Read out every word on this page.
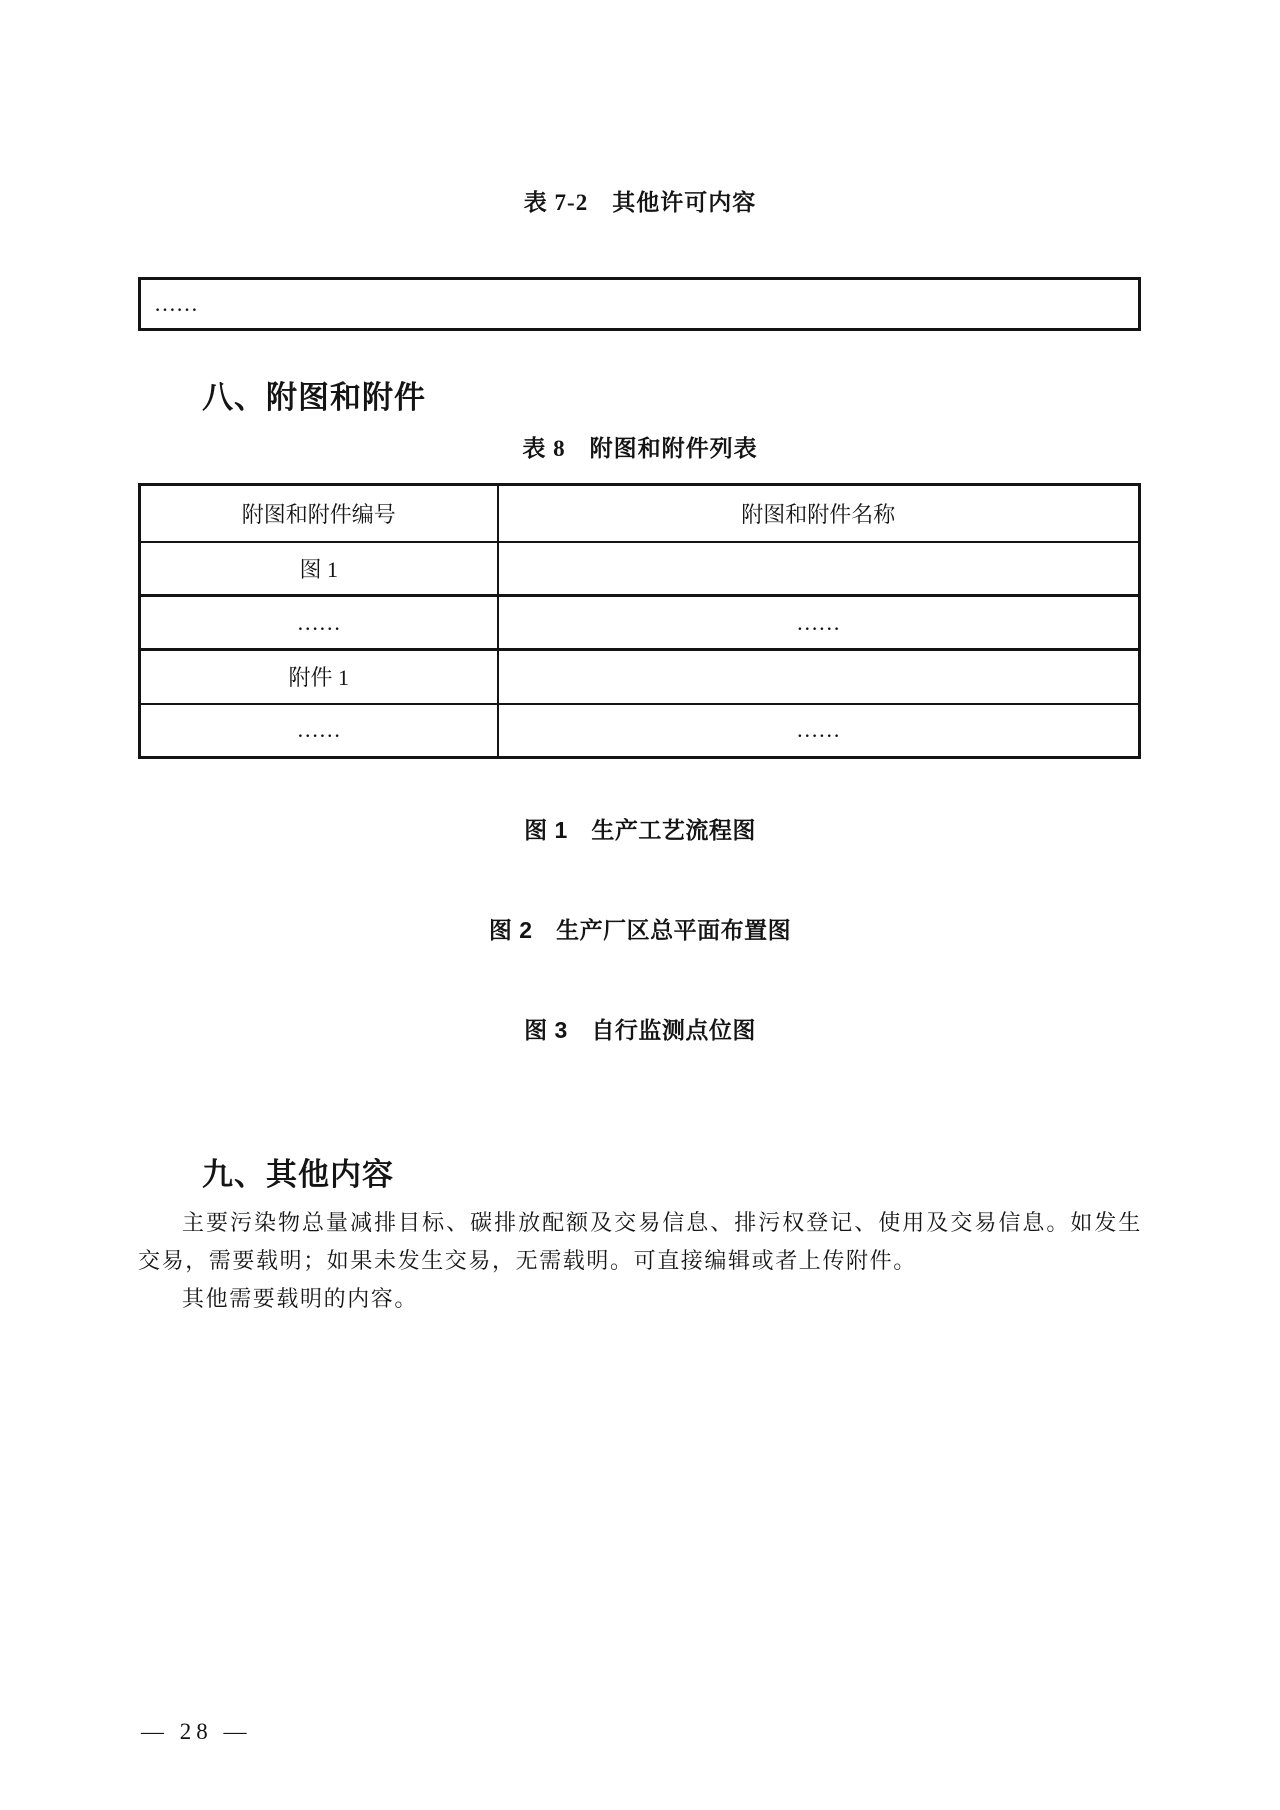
表 7-2　其他许可内容
……
八、附图和附件
表 8　附图和附件列表
附图和附件编号	附图和附件名称
图 1	
……	……
附件 1	
……	……
图 1　生产工艺流程图
图 2　生产厂区总平面布置图
图 3　自行监测点位图
九、其他内容

主要污染物总量减排目标、碳排放配额及交易信息、排污权登记、使用及交易信息。如发生交易，需要载明；如果未发生交易，无需载明。可直接编辑或者上传附件。

其他需要载明的内容。

— 28 —
